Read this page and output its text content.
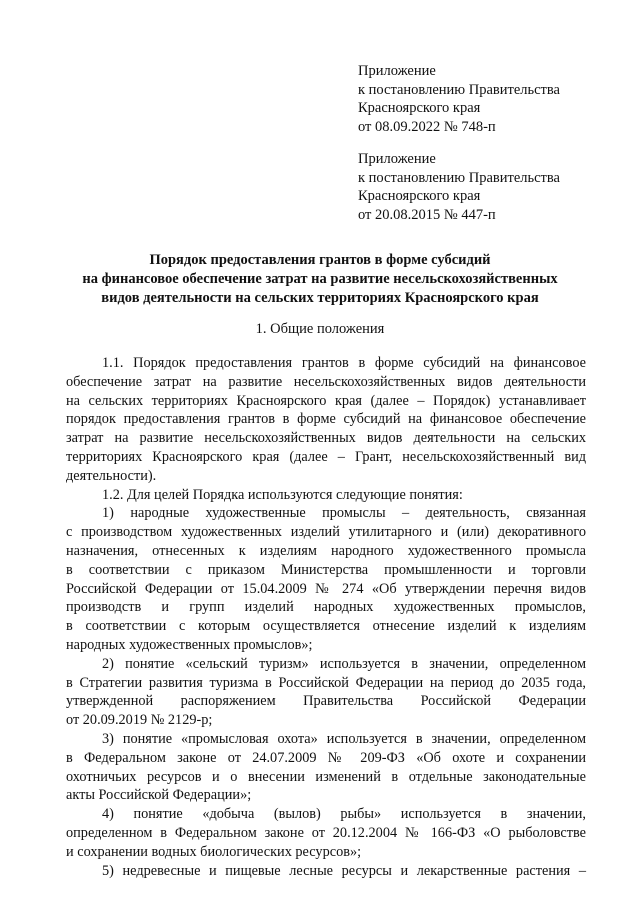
Приложение
к постановлению Правительства
Красноярского края
от 08.09.2022 № 748-п
Приложение
к постановлению Правительства
Красноярского края
от 20.08.2015 № 447-п
Порядок предоставления грантов в форме субсидий
на финансовое обеспечение затрат на развитие несельскохозяйственных
видов деятельности на сельских территориях Красноярского края
1. Общие положения
1.1. Порядок предоставления грантов в форме субсидий на финансовое
обеспечение затрат на развитие несельскохозяйственных видов деятельности
на сельских территориях Красноярского края (далее – Порядок) устанавливает
порядок предоставления грантов в форме субсидий на финансовое обеспечение
затрат на развитие несельскохозяйственных видов деятельности на сельских
территориях Красноярского края (далее – Грант, несельскохозяйственный вид
деятельности).
1.2. Для целей Порядка используются следующие понятия:
1) народные художественные промыслы – деятельность, связанная
с производством художественных изделий утилитарного и (или) декоративного
назначения, отнесенных к изделиям народного художественного промысла
в соответствии с приказом Министерства промышленности и торговли
Российской Федерации от 15.04.2009 № 274 «Об утверждении перечня видов
производств и групп изделий народных художественных промыслов,
в соответствии с которым осуществляется отнесение изделий к изделиям
народных художественных промыслов»;
2) понятие «сельский туризм» используется в значении, определенном
в Стратегии развития туризма в Российской Федерации на период до 2035 года,
утвержденной распоряжением Правительства Российской Федерации
от 20.09.2019 № 2129-р;
3) понятие «промысловая охота» используется в значении, определенном
в Федеральном законе от 24.07.2009 № 209-ФЗ «Об охоте и сохранении
охотничьих ресурсов и о внесении изменений в отдельные законодательные
акты Российской Федерации»;
4) понятие «добыча (вылов) рыбы» используется в значении,
определенном в Федеральном законе от 20.12.2004 № 166-ФЗ «О рыболовстве
и сохранении водных биологических ресурсов»;
5) недревесные и пищевые лесные ресурсы и лекарственные растения –
